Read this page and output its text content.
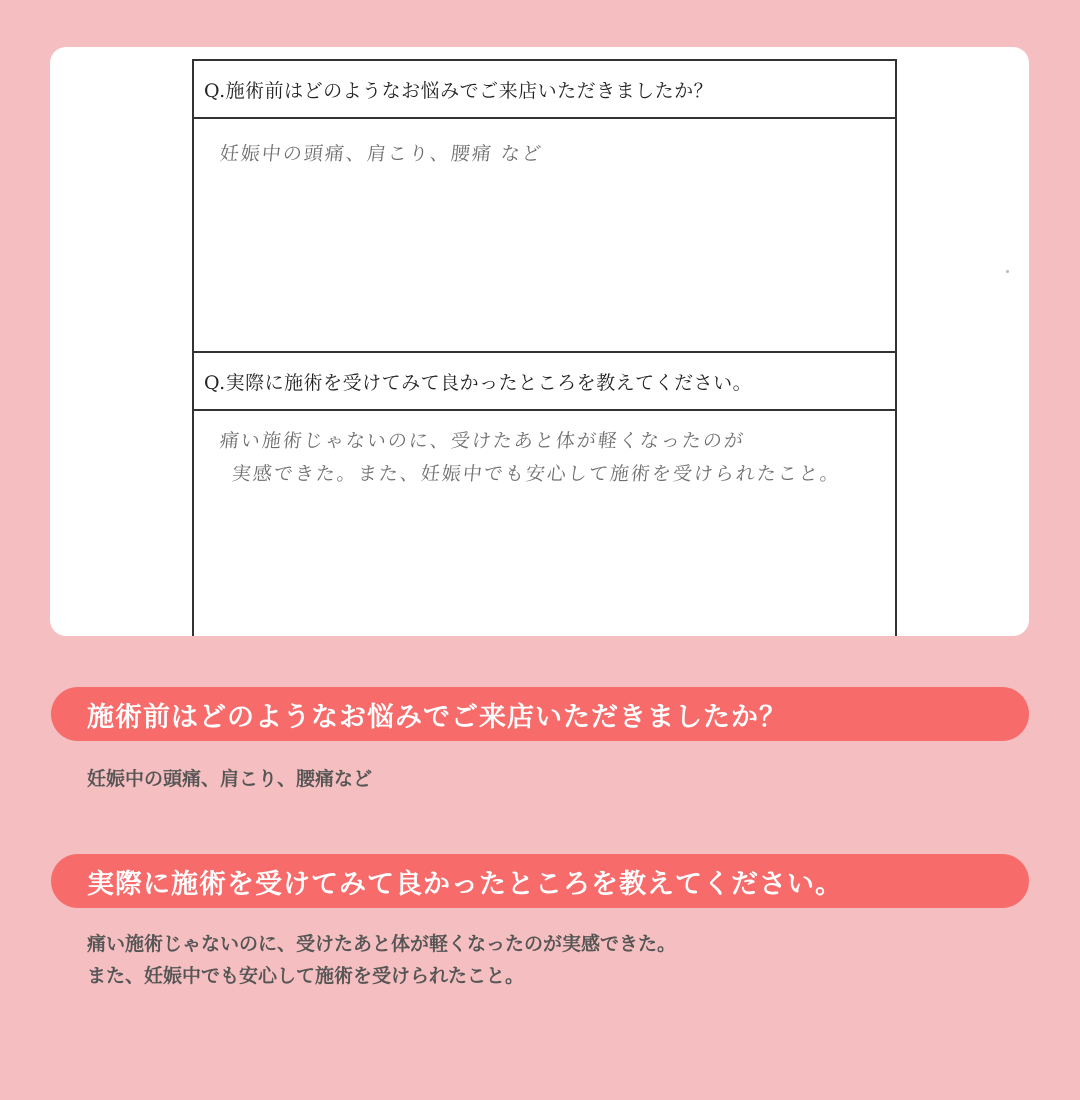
Q.施術前はどのようなお悩みでご来店いただきましたか？
妊娠中の頭痛、肩こり、腰痛 など
Q.実際に施術を受けてみて良かったところを教えてください。
痛い施術じゃないのに、受けたあと体が軽くなったのが
実感できた。また、妊娠中でも安心して施術を受けられたこと。
施術前はどのようなお悩みでご来店いただきましたか？
妊娠中の頭痛、肩こり、腰痛など
実際に施術を受けてみて良かったところを教えてください。
痛い施術じゃないのに、受けたあと体が軽くなったのが実感できた。
また、妊娠中でも安心して施術を受けられたこと。
